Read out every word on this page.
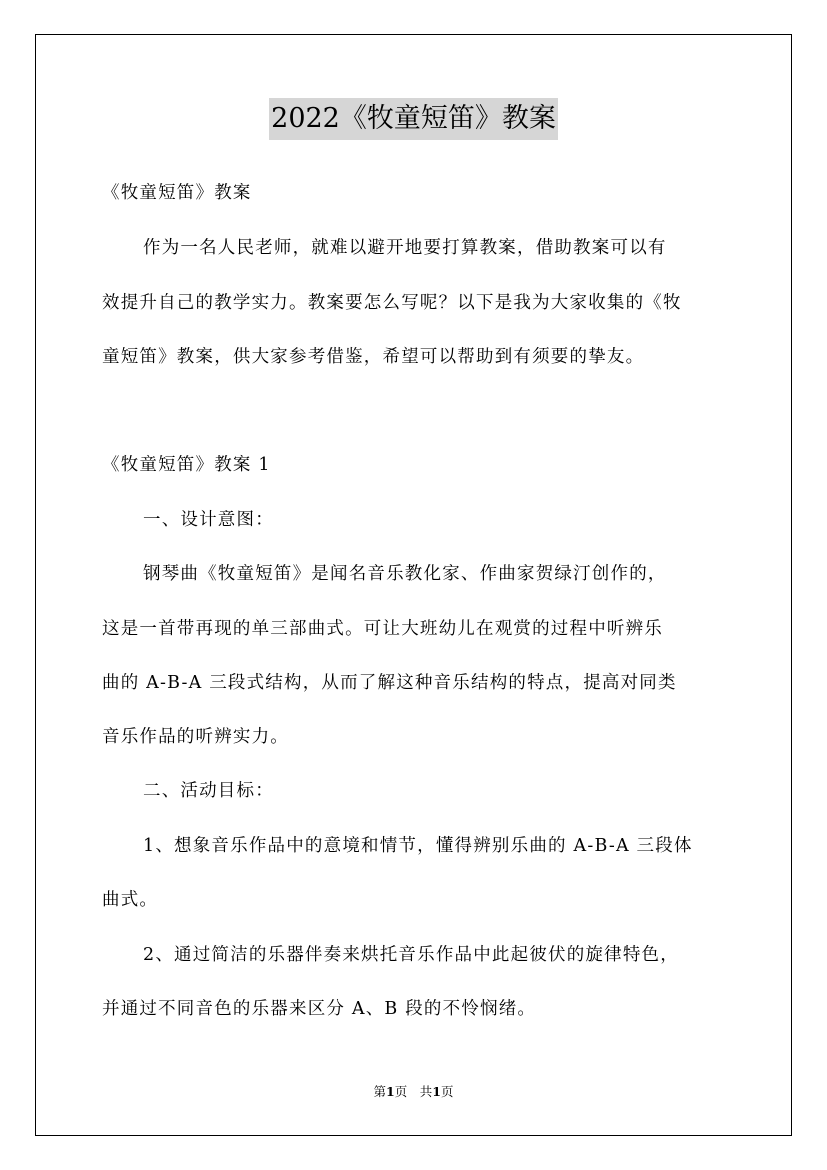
2022《牧童短笛》教案
《牧童短笛》教案
作为一名人民老师，就难以避开地要打算教案，借助教案可以有
效提升自己的教学实力。教案要怎么写呢？以下是我为大家收集的《牧
童短笛》教案，供大家参考借鉴，希望可以帮助到有须要的挚友。
《牧童短笛》教案 1
一、设计意图：
钢琴曲《牧童短笛》是闻名音乐教化家、作曲家贺绿汀创作的，
这是一首带再现的单三部曲式。可让大班幼儿在观赏的过程中听辨乐
曲的 A-B-A 三段式结构，从而了解这种音乐结构的特点，提高对同类
音乐作品的听辨实力。
二、活动目标：
1、想象音乐作品中的意境和情节，懂得辨别乐曲的 A-B-A 三段体
曲式。
2、通过简洁的乐器伴奏来烘托音乐作品中此起彼伏的旋律特色，
并通过不同音色的乐器来区分 A、B 段的不怜悯绪。
第1页　共1页
